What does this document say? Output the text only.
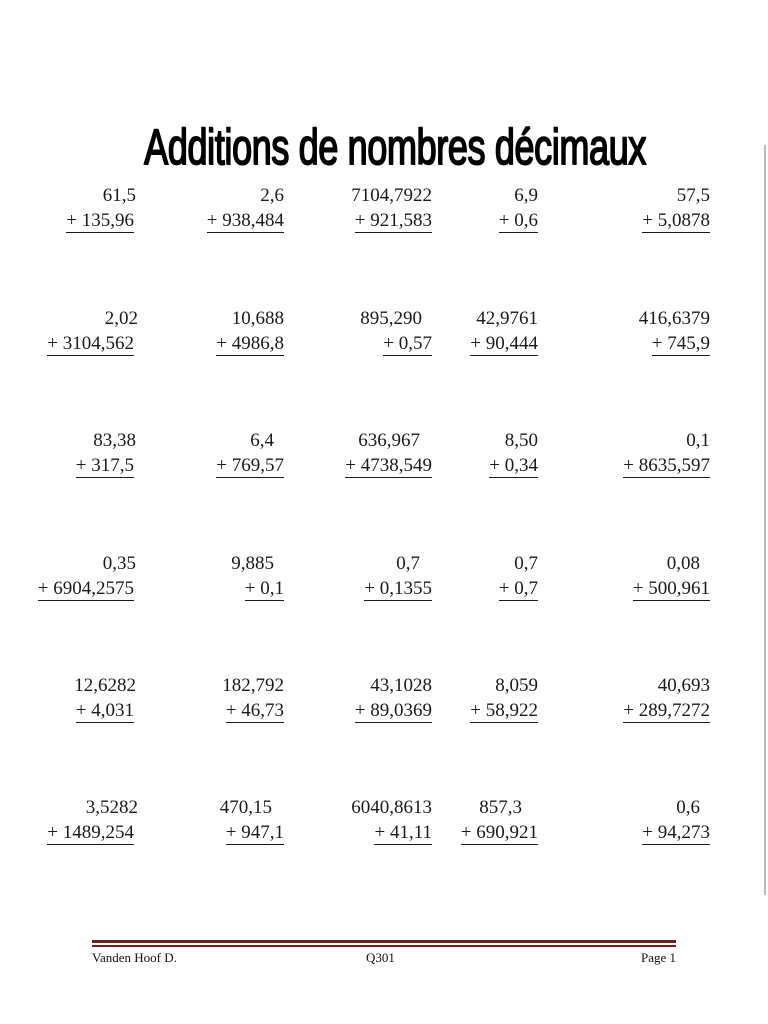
Additions de nombres décimaux
61,5
+ 135,96
2,6
+ 938,484
7104,7922
+ 921,583
6,9
+ 0,6
57,5
+ 5,0878
2,02
+ 3104,562
10,688
+ 4986,8
895,290
+ 0,57
42,9761
+ 90,444
416,6379
+ 745,9
83,38
+ 317,5
6,4
+ 769,57
636,967
+ 4738,549
8,50
+ 0,34
0,1
+ 8635,597
0,35
+ 6904,2575
9,885
+ 0,1
0,7
+ 0,1355
0,7
+ 0,7
0,08
+ 500,961
12,6282
+ 4,031
182,792
+ 46,73
43,1028
+ 89,0369
8,059
+ 58,922
40,693
+ 289,7272
3,5282
+ 1489,254
470,15
+ 947,1
6040,8613
+ 41,11
857,3
+ 690,921
0,6
+ 94,273
Vanden Hoof D.	Q301	Page 1
